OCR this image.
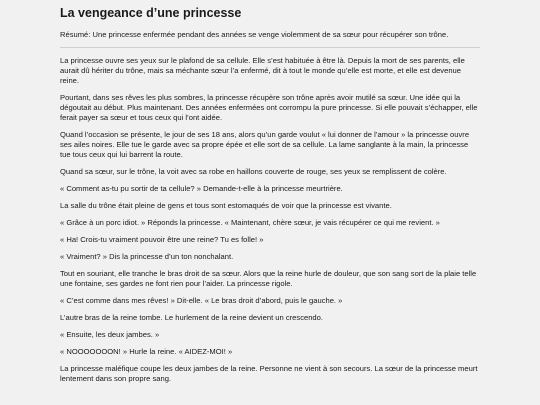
La vengeance d’une princesse

Résumé: Une princesse enfermée pendant des années se venge violemment de sa sœur pour récupérer son trône.

La princesse ouvre ses yeux sur le plafond de sa cellule. Elle s’est habituée à être là. Depuis la mort de ses parents, elle aurait dû hériter du trône, mais sa méchante sœur l’a enfermé, dit à tout le monde qu’elle est morte, et elle est devenue reine.

Pourtant, dans ses rêves les plus sombres, la princesse récupère son trône après avoir mutilé sa sœur. Une idée qui la dégoutait au début. Plus maintenant. Des années enfermées ont corrompu la pure princesse. Si elle pouvait s’échapper, elle ferait payer sa sœur et tous ceux qui l’ont aidée.

Quand l’occasion se présente, le jour de ses 18 ans, alors qu’un garde voulut « lui donner de l’amour » la princesse ouvre ses ailes noires. Elle tue le garde avec sa propre épée et elle sort de sa cellule. La lame sanglante à la main, la princesse tue tous ceux qui lui barrent la route.

Quand sa sœur, sur le trône, la voit avec sa robe en haillons couverte de rouge, ses yeux se remplissent de colère.

« Comment as-tu pu sortir de ta cellule? » Demande-t-elle à la princesse meurtrière.

La salle du trône était pleine de gens et tous sont estomaqués de voir que la princesse est vivante.

« Grâce à un porc idiot. » Réponds la princesse. « Maintenant, chère sœur, je vais récupérer ce qui me revient. »

« Ha! Crois-tu vraiment pouvoir être une reine? Tu es folle! »

« Vraiment? » Dis la princesse d’un ton nonchalant.

Tout en souriant, elle tranche le bras droit de sa sœur. Alors que la reine hurle de douleur, que son sang sort de la plaie telle une fontaine, ses gardes ne font rien pour l’aider. La princesse rigole.

« C’est comme dans mes rêves! » Dit-elle. « Le bras droit d’abord, puis le gauche. »

L’autre bras de la reine tombe. Le hurlement de la reine devient un crescendo.

« Ensuite, les deux jambes. »

« NOOOOOOON! » Hurle la reine. « AIDEZ-MOI! »

La princesse maléfique coupe les deux jambes de la reine. Personne ne vient à son secours. La sœur de la princesse meurt lentement dans son propre sang.
